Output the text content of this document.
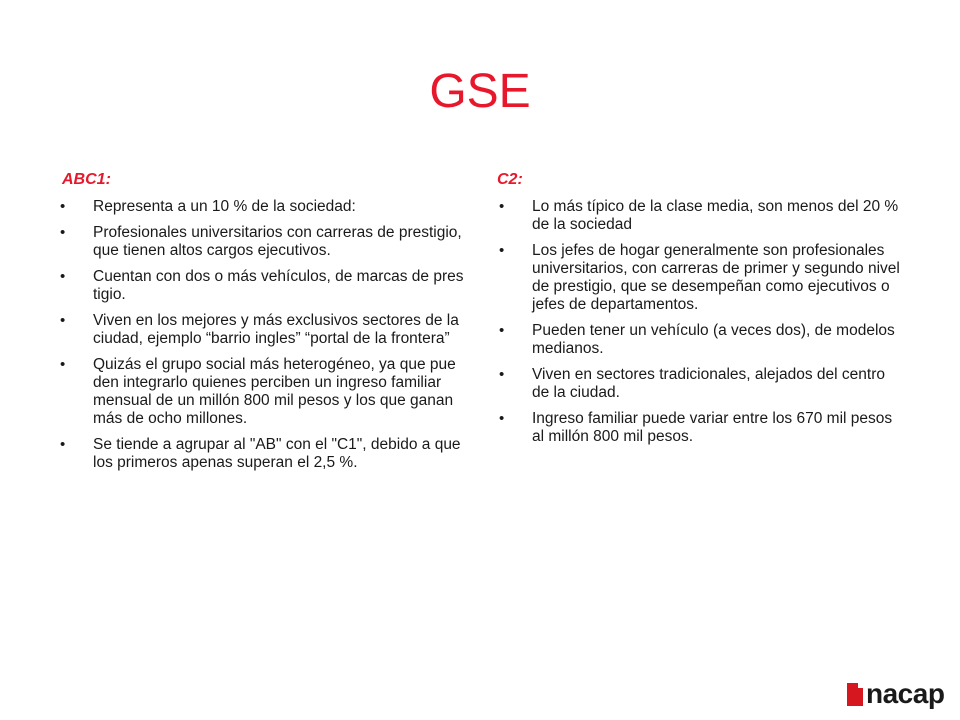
GSE

ABC1:

• Representa a un 10 % de la sociedad:
• Profesionales universitarios con carreras de prestigio, que tienen altos cargos ejecutivos.
• Cuentan con dos o más vehículos, de marcas de pres tigio.
• Viven en los mejores y más exclusivos sectores de la ciudad, ejemplo “barrio ingles” “portal de la frontera”
• Quizás el grupo social más heterogéneo, ya que pue den integrarlo quienes perciben un ingreso familiar mensual de un millón 800 mil pesos y los que ganan más de ocho millones.
• Se tiende a agrupar al "AB" con el "C1", debido a que los primeros apenas superan el 2,5 %.

C2:

• Lo más típico de la clase media, son menos del 20 % de la sociedad
• Los jefes de hogar generalmente son profesionales universitarios, con carreras de primer y segundo nivel de prestigio, que se desempeñan como ejecutivos o jefes de departamentos.
• Pueden tener un vehículo (a veces dos), de modelos medianos.
• Viven en sectores tradicionales, alejados del centro de la ciudad.
• Ingreso familiar puede variar entre los 670 mil pesos al millón 800 mil pesos.
nacap
